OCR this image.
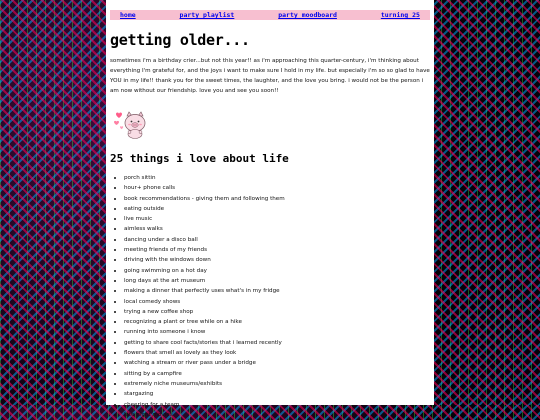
home	party playlist	party moodboard	turning 25
getting older...

sometimes i'm a birthday crier...but not this year!! as i'm approaching this quarter-century, i'm thinking about everything I'm grateful for, and the joys i want to make sure I hold in my life. but especially i'm so so glad to have YOU in my life!! thank you for the sweet times, the laughter, and the love you bring. i would not be the person i am now without our friendship. love you and see you soon!!

25 things i love about life
• porch sittin
• hour+ phone calls
• book recommendations - giving them and following them
• eating outside
• live music
• aimless walks
• dancing under a disco ball
• meeting friends of my friends
• driving with the windows down
• going swimming on a hot day
• long days at the art museum
• making a dinner that perfectly uses what's in my fridge
• local comedy shows
• trying a new coffee shop
• recognizing a plant or tree while on a hike
• running into someone i know
• getting to share cool facts/stories that i learned recently
• flowers that smell as lovely as they look
• watching a stream or river pass under a bridge
• sitting by a campfire
• extremely niche museums/exhibits
• stargazing
• cheering for a team
• late night movies
